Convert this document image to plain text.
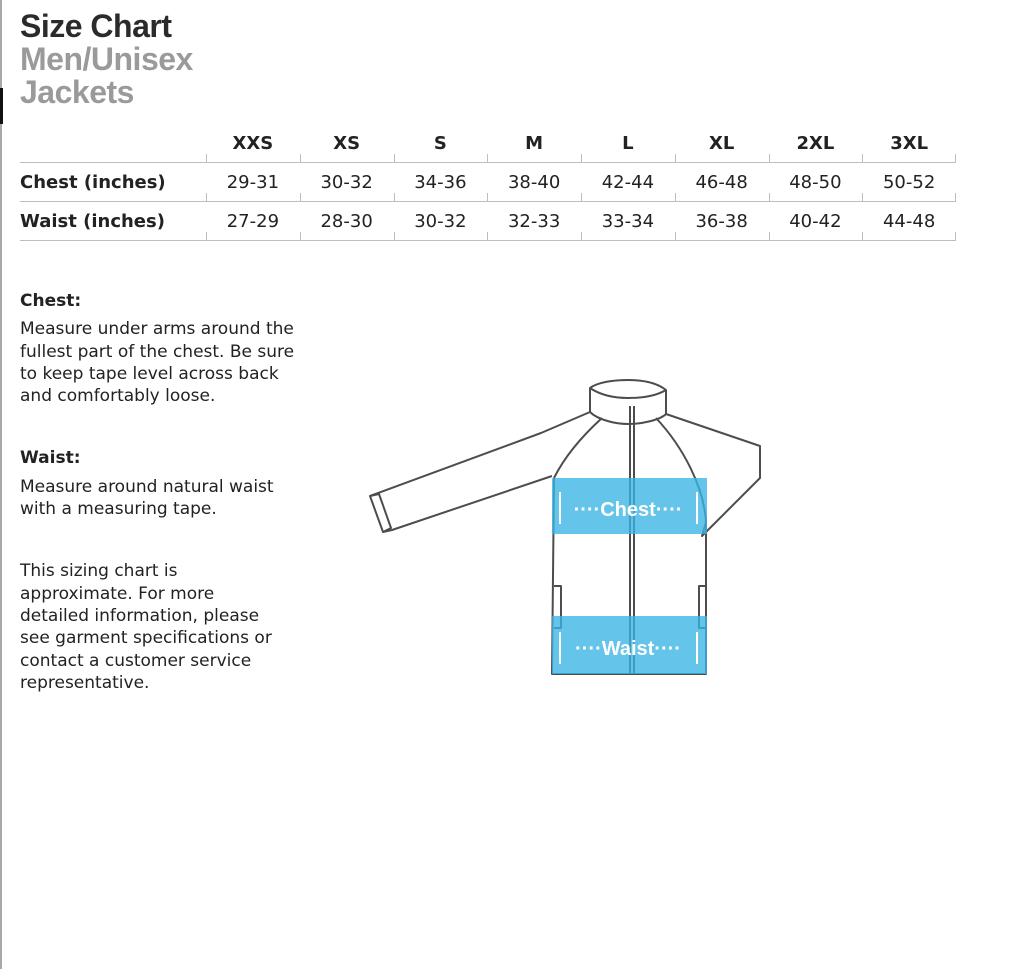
Size Chart
Men/Unisex
Jackets
	XXS	XS	S	M	L	XL	2XL	3XL
Chest (inches)	29-31	30-32	34-36	38-40	42-44	46-48	48-50	50-52
Waist (inches)	27-29	28-30	30-32	32-33	33-34	36-38	40-42	44-48
Chest:

Measure under arms around the
fullest part of the chest. Be sure
to keep tape level across back
and comfortably loose.

Waist:

Measure around natural waist
with a measuring tape.

This sizing chart is
approximate. For more
detailed information, please
see garment specifications or
contact a customer service
representative.

····Chest····
····Waist····
